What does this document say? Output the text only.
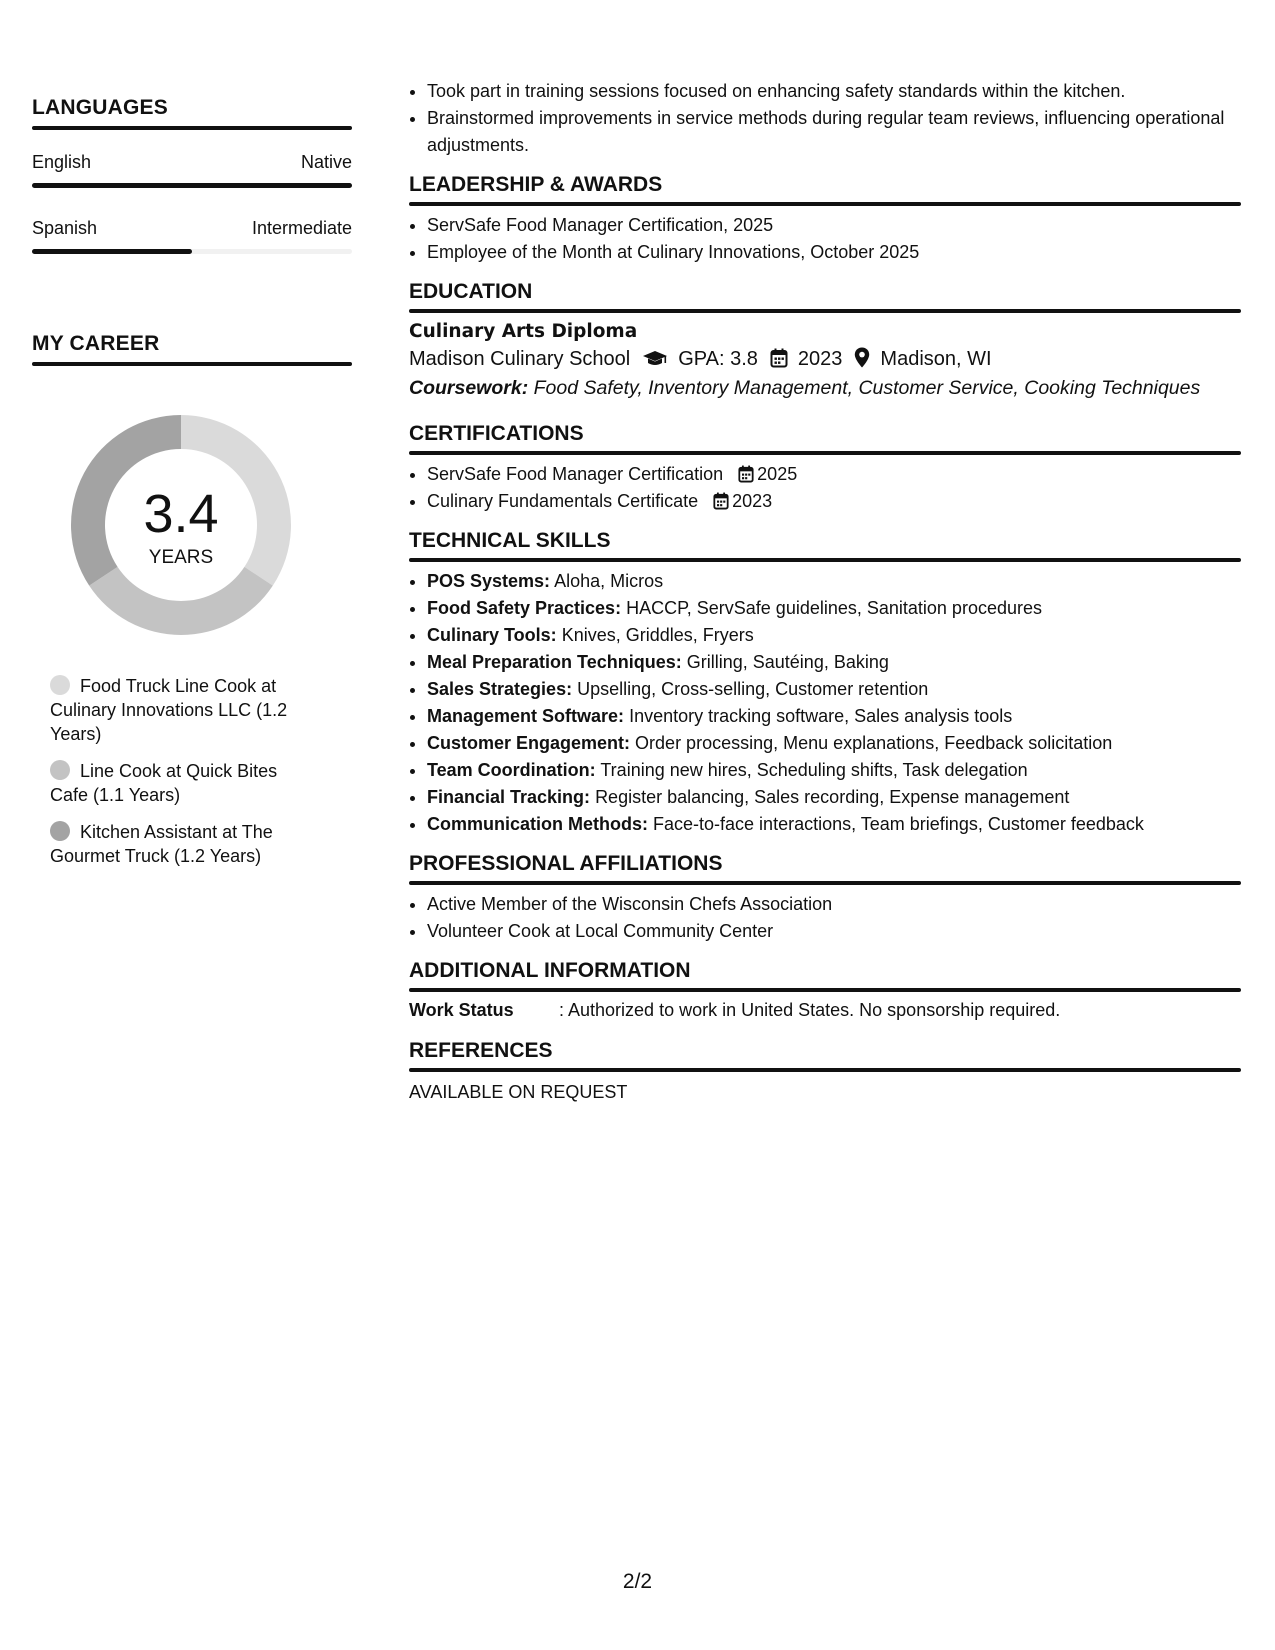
LANGUAGES
English	Native
Spanish	Intermediate
MY CAREER
3.4
YEARS
Food Truck Line Cook at Culinary Innovations LLC (1.2 Years)
Line Cook at Quick Bites Cafe (1.1 Years)
Kitchen Assistant at The Gourmet Truck (1.2 Years)
• Took part in training sessions focused on enhancing safety standards within the kitchen.
• Brainstormed improvements in service methods during regular team reviews, influencing operational adjustments.
LEADERSHIP & AWARDS
• ServSafe Food Manager Certification, 2025
• Employee of the Month at Culinary Innovations, October 2025
EDUCATION
Culinary Arts Diploma
Madison Culinary School GPA: 3.8 2023 Madison, WI
Coursework: Food Safety, Inventory Management, Customer Service, Cooking Techniques
CERTIFICATIONS
• ServSafe Food Manager Certification 2025
• Culinary Fundamentals Certificate 2023
TECHNICAL SKILLS
• POS Systems: Aloha, Micros
• Food Safety Practices: HACCP, ServSafe guidelines, Sanitation procedures
• Culinary Tools: Knives, Griddles, Fryers
• Meal Preparation Techniques: Grilling, Sautéing, Baking
• Sales Strategies: Upselling, Cross-selling, Customer retention
• Management Software: Inventory tracking software, Sales analysis tools
• Customer Engagement: Order processing, Menu explanations, Feedback solicitation
• Team Coordination: Training new hires, Scheduling shifts, Task delegation
• Financial Tracking: Register balancing, Sales recording, Expense management
• Communication Methods: Face-to-face interactions, Team briefings, Customer feedback
PROFESSIONAL AFFILIATIONS
• Active Member of the Wisconsin Chefs Association
• Volunteer Cook at Local Community Center
ADDITIONAL INFORMATION
Work Status	: Authorized to work in United States. No sponsorship required.
REFERENCES
AVAILABLE ON REQUEST
2/2
